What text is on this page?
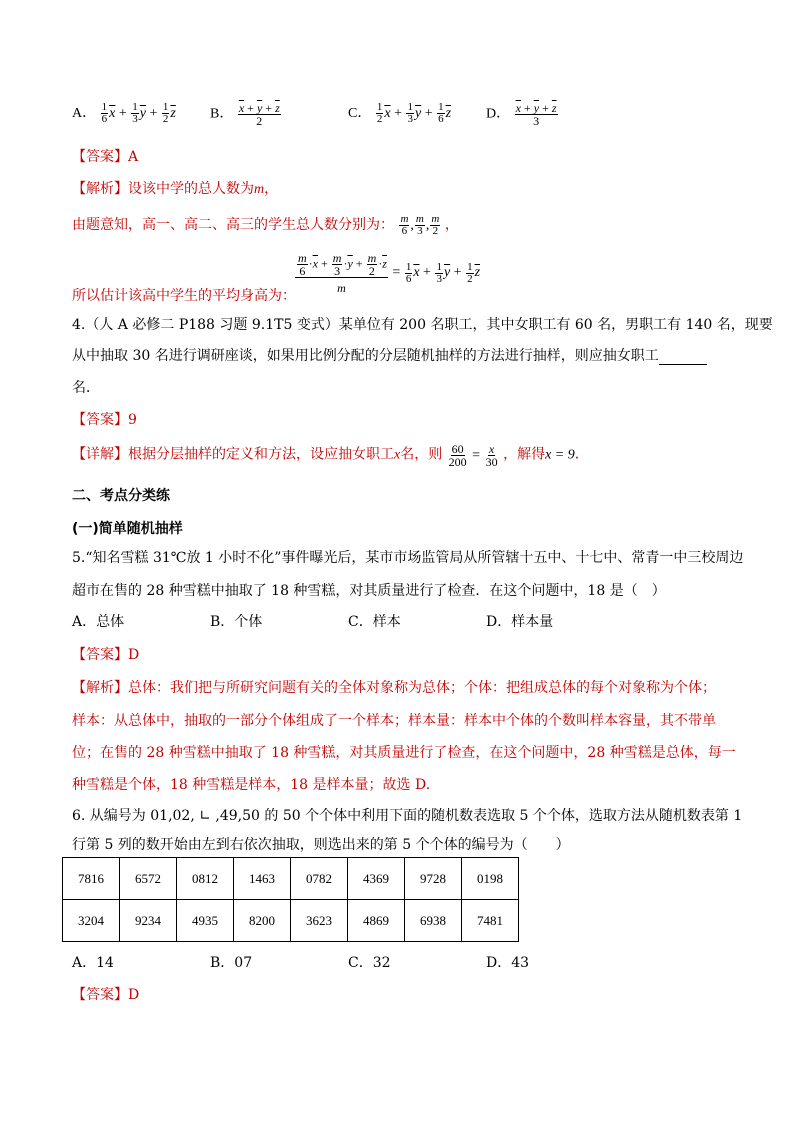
A． $\frac{1}{6} \overline{x} + \frac{1}{3} \overline{y} + \frac{1}{2} \overline{z}$ B． $\frac{\overline{x} + \overline{y} + \overline{z}}{2}$	C． $\frac{1}{2} \overline{x} + \frac{1}{3} \overline{y} + \frac{1}{6} \overline{z}$ D． $\frac{\overline{x} + \overline{y} + \overline{z}}{3}$
【答案】A
【解析】设该中学的总人数为m，
由题意知，高一、高二、高三的学生总人数分别为： $\frac{m}{6}$ , $\frac{m}{3}$ , $\frac{m}{2}$ ，
所以估计该高中学生的平均身高为：
$\frac{\frac{m}{6} \cdot\overline{x} + \frac{m}{3} \cdot\overline{y} + \frac{m}{2} \cdot\overline{z}}{m} = \frac{1}{6} \overline{x} + \frac{1}{3} \overline{y} + \frac{1}{2} \overline{z}$
4.（人 A 必修二 P188 习题 9.1T5 变式）某单位有 200 名职工，其中女职工有 60 名，男职工有 140 名，现要
从中抽取 30 名进行调研座谈，如果用比例分配的分层随机抽样的方法进行抽样，则应抽女职工
名．
【答案】9
【详解】根据分层抽样的定义和方法，设应抽女职工x名，则 $\frac{60}{200} = \frac{x}{30}$ ，解得x = 9．
二、考点分类练
(一)简单随机抽样
5.“知名雪糕 31℃放 1 小时不化”事件曝光后，某市市场监管局从所管辖十五中、十七中、常青一中三校周边
超市在售的 28 种雪糕中抽取了 18 种雪糕，对其质量进行了检查．在这个问题中，18 是（　）
A．总体	B．个体	C．样本	D．样本量
【答案】D
【解析】总体：我们把与所研究问题有关的全体对象称为总体；个体：把组成总体的每个对象称为个体；
样本：从总体中，抽取的一部分个体组成了一个样本；样本量：样本中个体的个数叫样本容量，其不带单
位；在售的 28 种雪糕中抽取了 18 种雪糕，对其质量进行了检查，在这个问题中，28 种雪糕是总体，每一
种雪糕是个体，18 种雪糕是样本，18 是样本量；故选 D.
6. 从编号为 01,02, ∟ ,49,50 的 50 个个体中利用下面的随机数表选取 5 个个体，选取方法从随机数表第 1
行第 5 列的数开始由左到右依次抽取，则选出来的第 5 个个体的编号为（　　）
7816	6572	0812	1463	0782	4369	9728	0198
3204	9234	4935	8200	3623	4869	6938	7481
A．14	B．07	C．32	D．43
【答案】D
